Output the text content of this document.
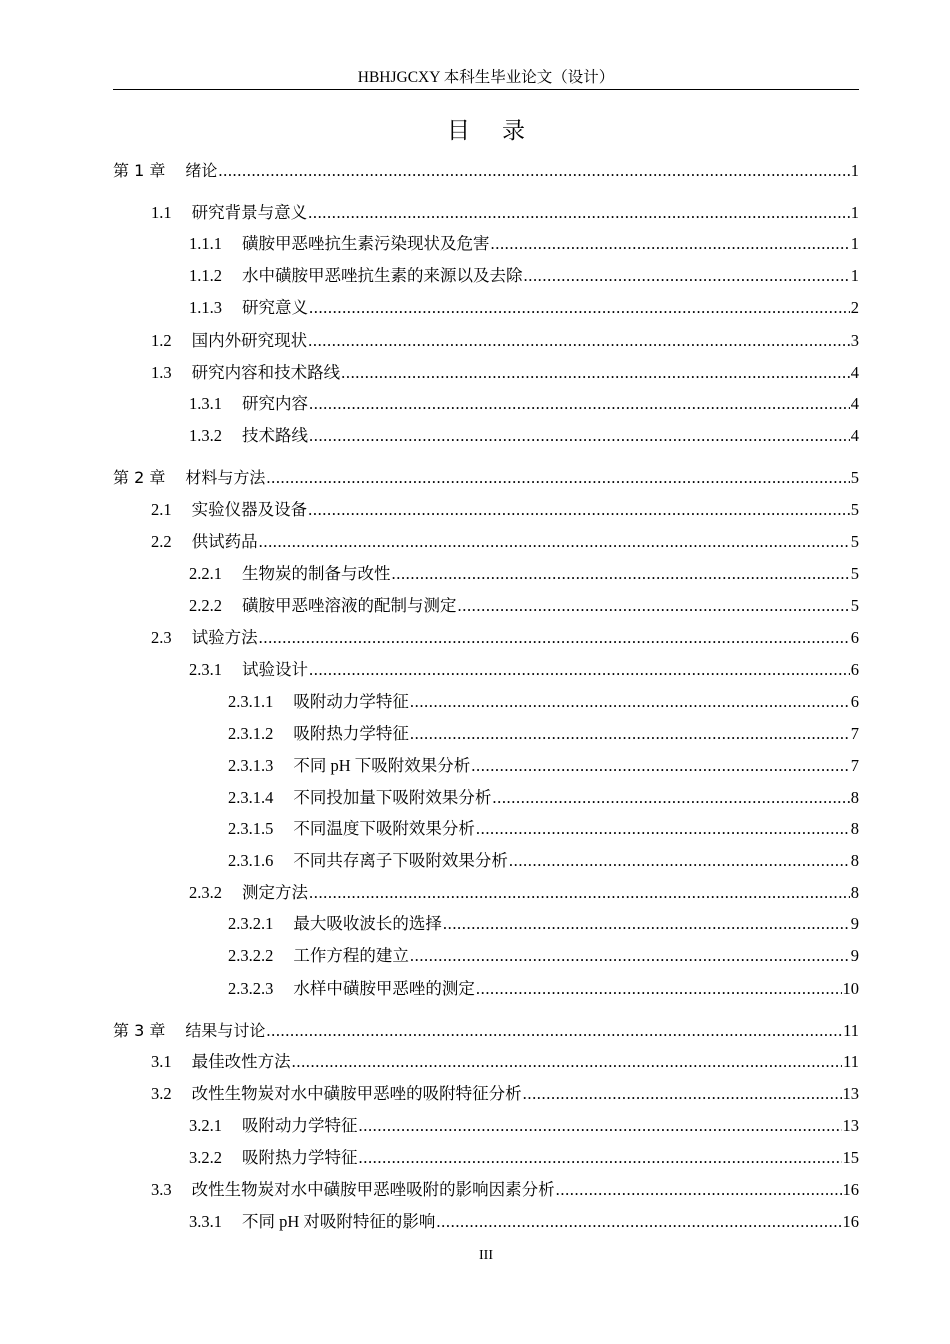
HBHJGCXY 本科生毕业论文（设计）
目录
第 1 章	绪论 .....	1
1.1	研究背景与意义 .....	1
1.1.1	磺胺甲恶唑抗生素污染现状及危害 .....	1
1.1.2	水中磺胺甲恶唑抗生素的来源以及去除 .....	1
1.1.3	研究意义 .....	2
1.2	国内外研究现状 .....	3
1.3	研究内容和技术路线 .....	4
1.3.1	研究内容 .....	4
1.3.2	技术路线 .....	4
第 2 章	材料与方法 .....	5
2.1	实验仪器及设备 .....	5
2.2	供试药品 .....	5
2.2.1	生物炭的制备与改性 .....	5
2.2.2	磺胺甲恶唑溶液的配制与测定 .....	5
2.3	试验方法 .....	6
2.3.1	试验设计 .....	6
2.3.1.1	吸附动力学特征 .....	6
2.3.1.2	吸附热力学特征 .....	7
2.3.1.3	不同 pH 下吸附效果分析 .....	7
2.3.1.4	不同投加量下吸附效果分析 .....	8
2.3.1.5	不同温度下吸附效果分析 .....	8
2.3.1.6	不同共存离子下吸附效果分析 .....	8
2.3.2	测定方法 .....	8
2.3.2.1	最大吸收波长的选择 .....	9
2.3.2.2	工作方程的建立 .....	9
2.3.2.3	水样中磺胺甲恶唑的测定 .....	10
第 3 章	结果与讨论 .....	11
3.1	最佳改性方法 .....	11
3.2	改性生物炭对水中磺胺甲恶唑的吸附特征分析 .....	13
3.2.1	吸附动力学特征 .....	13
3.2.2	吸附热力学特征 .....	15
3.3	改性生物炭对水中磺胺甲恶唑吸附的影响因素分析 .....	16
3.3.1	不同 pH 对吸附特征的影响 .....	16
III
